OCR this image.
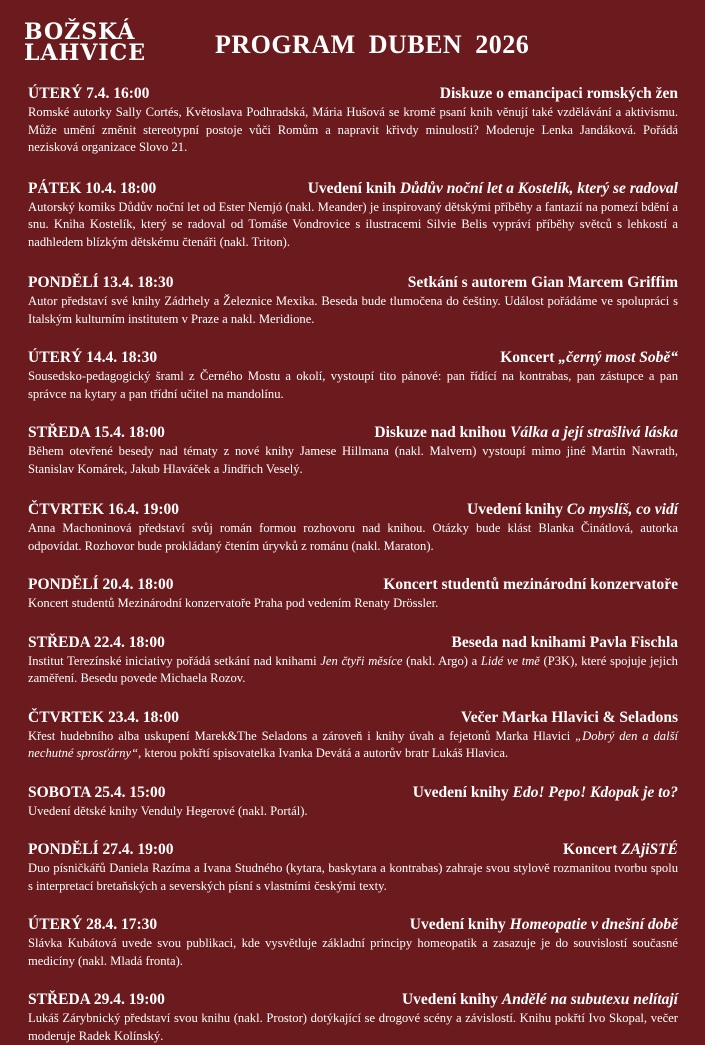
BOŽSKÁ
LAHVICE	PROGRAM DUBEN 2026
ÚTERÝ 7.4. 16:00	Diskuze o emancipaci romských žen
Romské autorky Sally Cortés, Květoslava Podhradská, Mária Hušová se kromě psaní knih věnují také vzdělávání a aktivismu. Může umění změnit stereotypní postoje vůči Romům a napravit křivdy minulosti? Moderuje Lenka Jandáková. Pořádá nezisková organizace Slovo 21.
PÁTEK 10.4. 18:00	Uvedení knih Důdův noční let a Kostelík, který se radoval
Autorský komiks Důdův noční let od Ester Nemjó (nakl. Meander) je inspirovaný dětskými příběhy a fantazií na pomezí bdění a snu. Kniha Kostelík, který se radoval od Tomáše Vondrovice s ilustracemi Silvie Belis vypráví příběhy světců s lehkostí a nadhledem blízkým dětskému čtenáři (nakl. Triton).
PONDĚLÍ 13.4. 18:30	Setkání s autorem Gian Marcem Griffim
Autor představí své knihy Zádrhely a Železnice Mexika. Beseda bude tlumočena do češtiny. Událost pořádáme ve spolupráci s Italským kulturním institutem v Praze a nakl. Meridione.
ÚTERÝ 14.4. 18:30	Koncert „černý most Sobě“
Sousedsko-pedagogický šraml z Černého Mostu a okolí, vystoupí tito pánové: pan řídící na kontrabas, pan zástupce a pan správce na kytary a pan třídní učitel na mandolínu.
STŘEDA 15.4. 18:00	Diskuze nad knihou Válka a její strašlivá láska
Během otevřené besedy nad tématy z nové knihy Jamese Hillmana (nakl. Malvern) vystoupí mimo jiné Martin Nawrath, Stanislav Komárek, Jakub Hlaváček a Jindřich Veselý.
ČTVRTEK 16.4. 19:00	Uvedení knihy Co myslíš, co vidí
Anna Machoninová představí svůj román formou rozhovoru nad knihou. Otázky bude klást Blanka Činátlová, autorka odpovídat. Rozhovor bude prokládaný čtením úryvků z románu (nakl. Maraton).
PONDĚLÍ 20.4. 18:00	Koncert studentů mezinárodní konzervatoře
Koncert studentů Mezinárodní konzervatoře Praha pod vedením Renaty Drössler.
STŘEDA 22.4. 18:00	Beseda nad knihami Pavla Fischla
Institut Terezínské iniciativy pořádá setkání nad knihami Jen čtyři měsíce (nakl. Argo) a Lidé ve tmě (P3K), které spojuje jejich zaměření. Besedu povede Michaela Rozov.
ČTVRTEK 23.4. 18:00	Večer Marka Hlavici & Seladons
Křest hudebního alba uskupení Marek&The Seladons a zároveň i knihy úvah a fejetonů Marka Hlavici „Dobrý den a další nechutné sprosťárny“, kterou pokřtí spisovatelka Ivanka Devátá a autorův bratr Lukáš Hlavica.
SOBOTA 25.4. 15:00	Uvedení knihy Edo! Pepo! Kdopak je to?
Uvedení dětské knihy Venduly Hegerové (nakl. Portál).
PONDĚLÍ 27.4. 19:00	Koncert ZAjiSTÉ
Duo písničkářů Daniela Razíma a Ivana Studného (kytara, baskytara a kontrabas) zahraje svou stylově rozmanitou tvorbu spolu s interpretací bretaňských a severských písní s vlastními českými texty.
ÚTERÝ 28.4. 17:30	Uvedení knihy Homeopatie v dnešní době
Slávka Kubátová uvede svou publikaci, kde vysvětluje základní principy homeopatik a zasazuje je do souvislostí současné medicíny (nakl. Mladá fronta).
STŘEDA 29.4. 19:00	Uvedení knihy Andělé na subutexu nelítají
Lukáš Zárybnický představí svou knihu (nakl. Prostor) dotýkající se drogové scény a závislostí. Knihu pokřtí Ivo Skopal, večer moderuje Radek Kolínský.
